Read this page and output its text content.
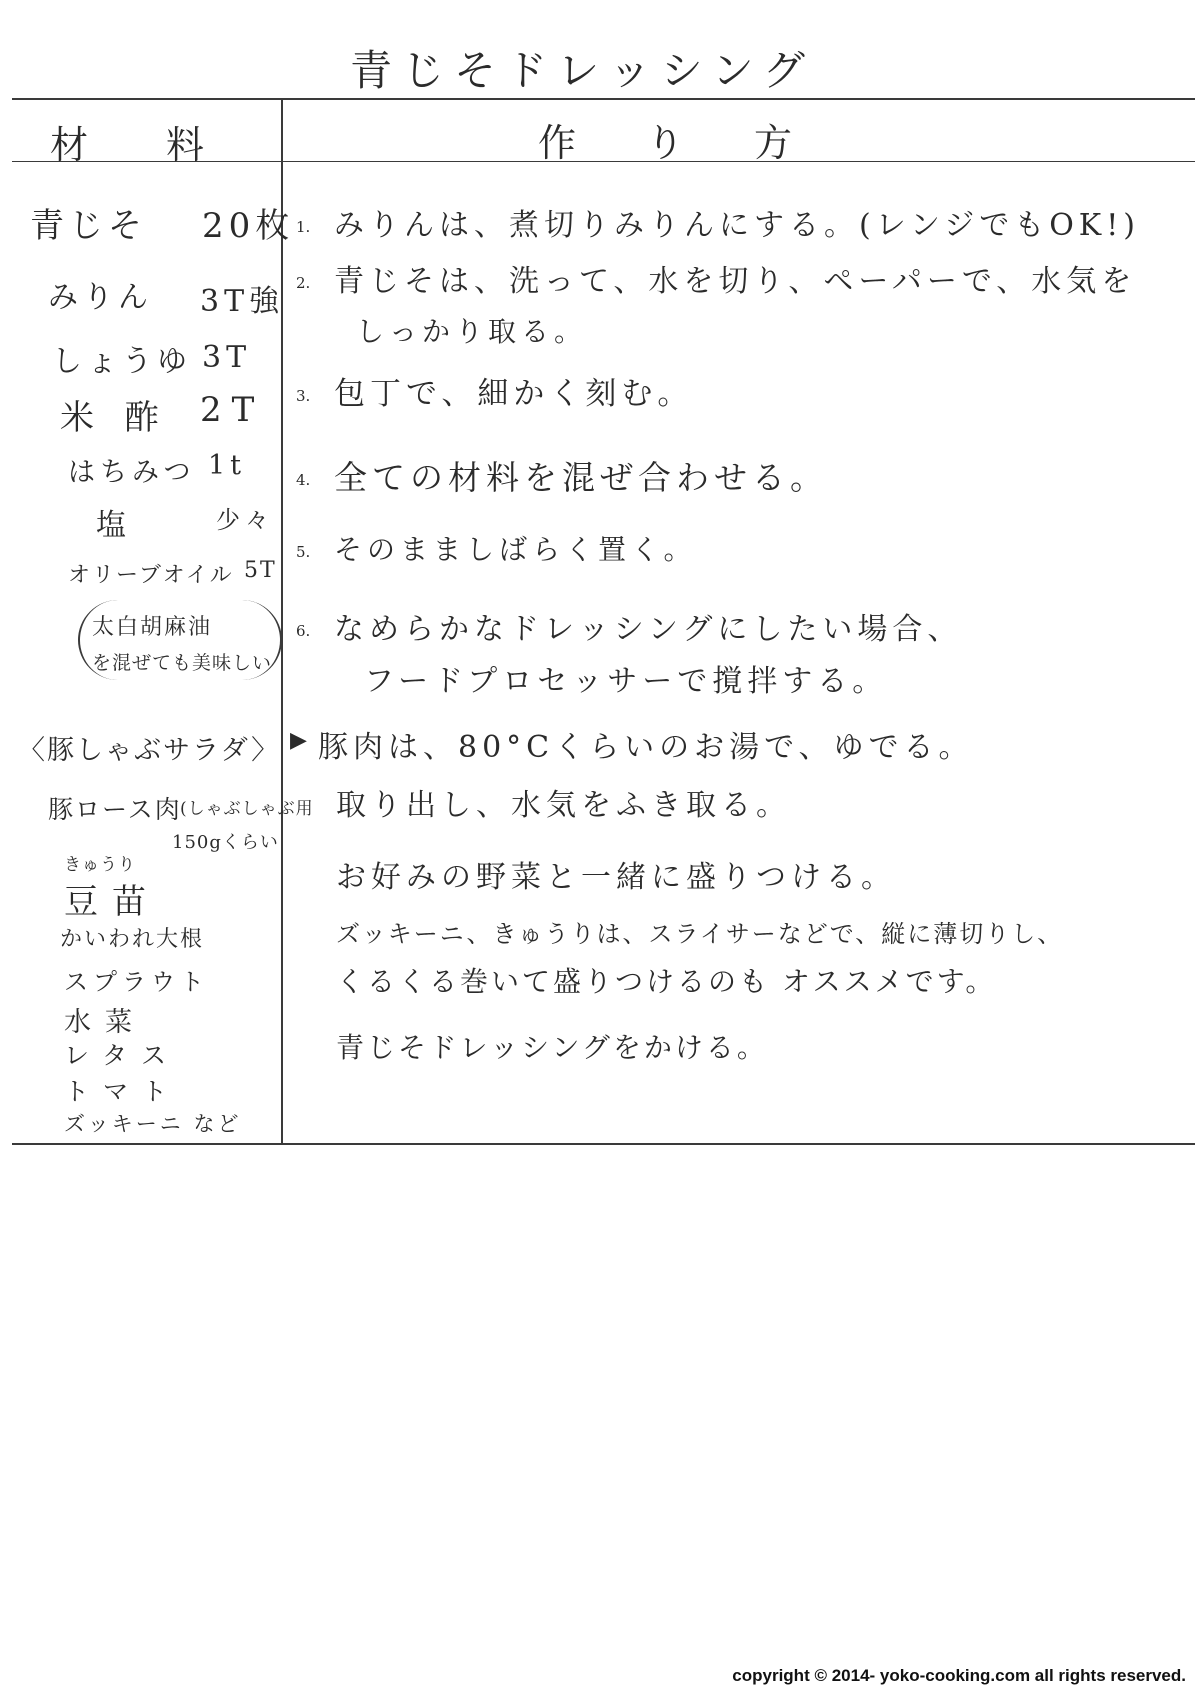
青じそドレッシング
材料	作り方
青じそ 20枚
みりん 3T強
しょうゆ 3T
米 酢 2T
はちみつ 1t
塩	少々
オリーブオイル 5T
太白胡麻油
を混ぜても美味しい
〈豚しゃぶサラダ〉
豚ロース肉
(しゃぶしゃぶ用
150gくらい
きゅうり
豆苗
かいわれ大根
スプラウト
水菜
レタス
トマト
ズッキーニ など
1. みりんは、煮切りみりんにする。(レンジでもOK!)
2. 青じそは、洗って、水を切り、ペーパーで、水気を
しっかり取る。
3. 包丁で、細かく刻む。
4. 全ての材料を混ぜ合わせる。
5. そのまましばらく置く。
6. なめらかなドレッシングにしたい場合、
フードプロセッサーで撹拌する。
▶ 豚肉は、80°Cくらいのお湯で、ゆでる。
取り出し、水気をふき取る。
お好みの野菜と一緒に盛りつける。
ズッキーニ、きゅうりは、スライサーなどで、縦に薄切りし、
くるくる巻いて盛りつけるのも オススメです。
青じそドレッシングをかける。
copyright © 2014- yoko-cooking.com all rights reserved.
